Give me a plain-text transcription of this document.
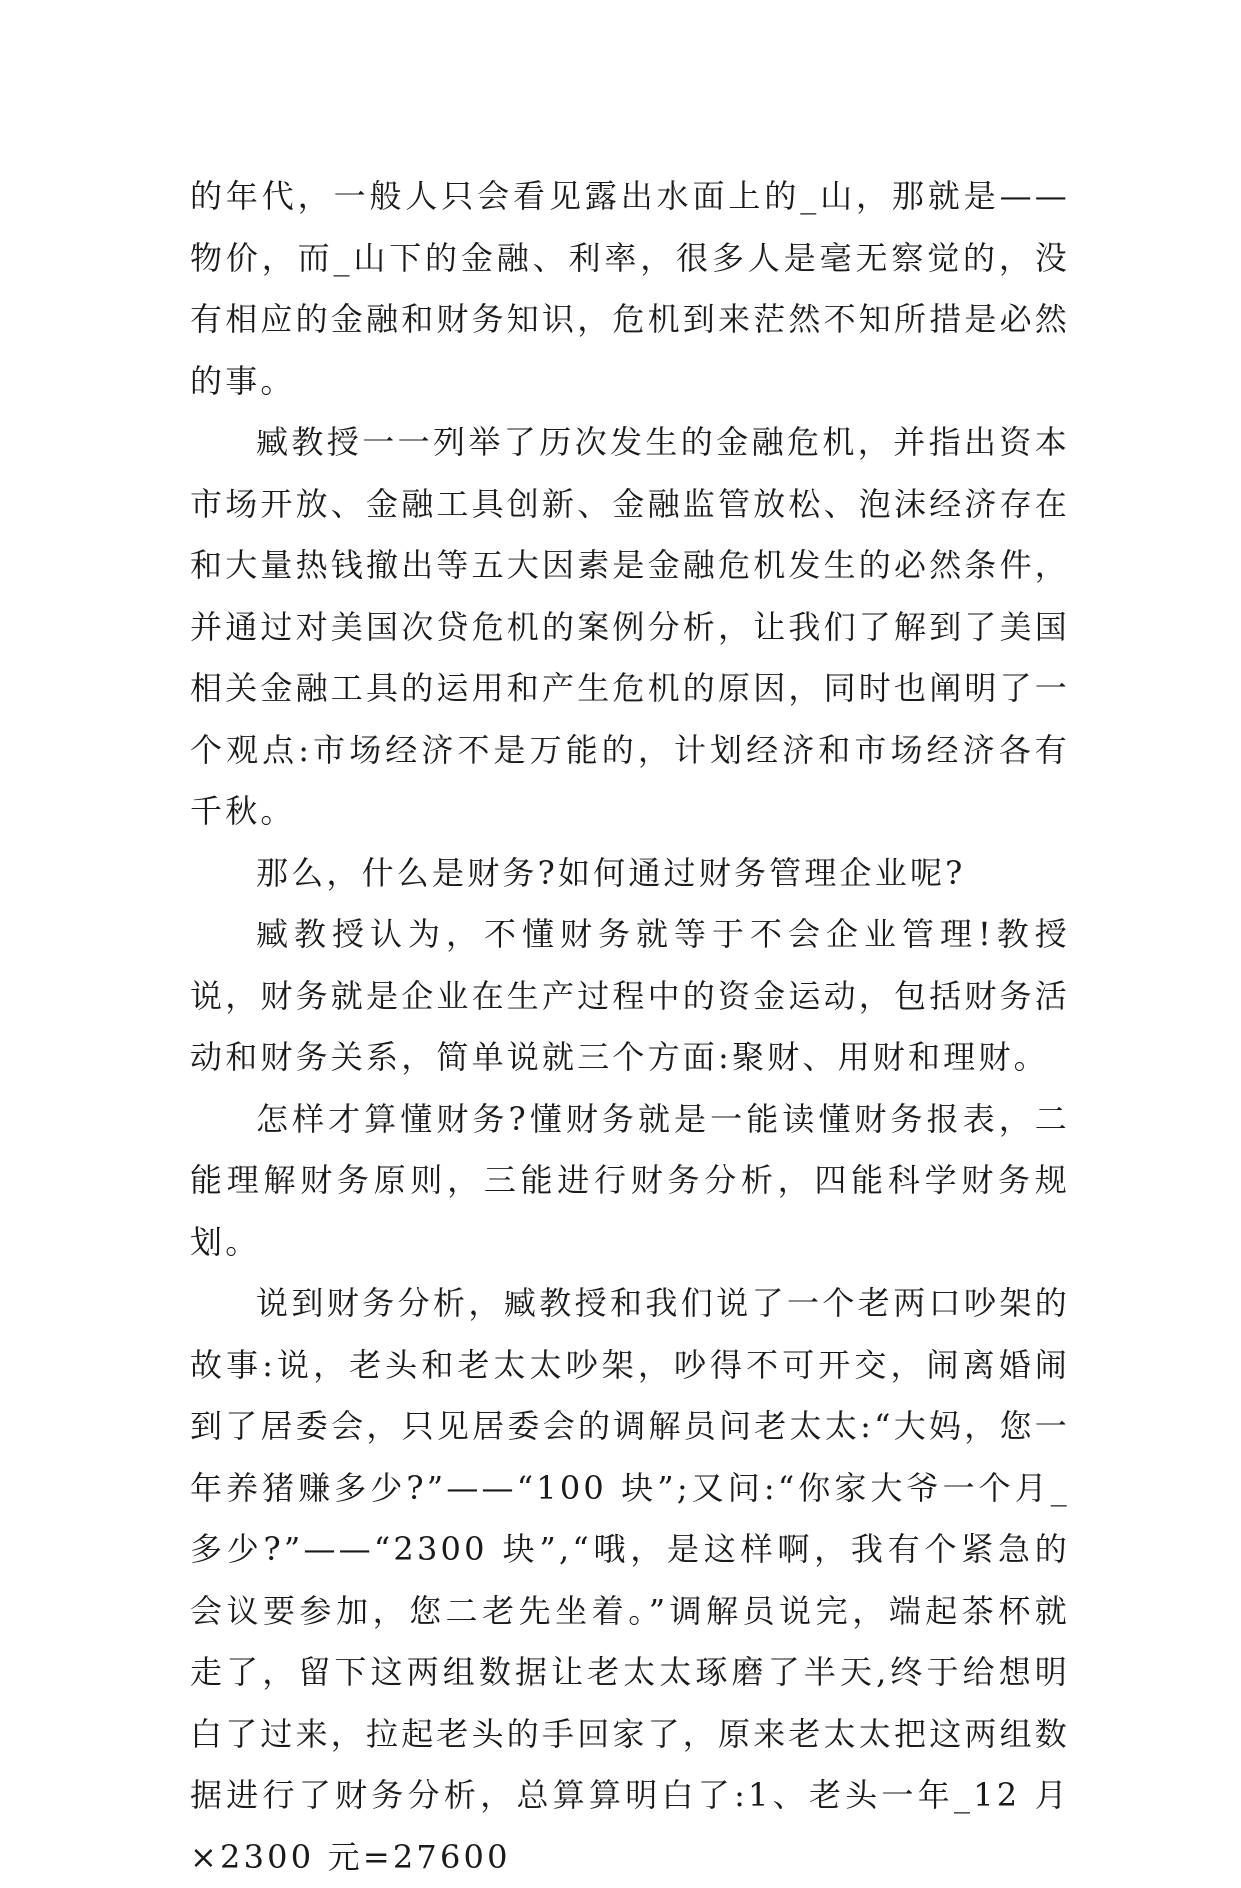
的年代，一般人只会看见露出水面上的_山，那就是——物价，而_山下的金融、利率，很多人是毫无察觉的，没有相应的金融和财务知识，危机到来茫然不知所措是必然的事。

臧教授一一列举了历次发生的金融危机，并指出资本市场开放、金融工具创新、金融监管放松、泡沫经济存在和大量热钱撤出等五大因素是金融危机发生的必然条件，并通过对美国次贷危机的案例分析，让我们了解到了美国相关金融工具的运用和产生危机的原因，同时也阐明了一个观点:市场经济不是万能的，计划经济和市场经济各有千秋。

那么，什么是财务?如何通过财务管理企业呢?

臧教授认为，不懂财务就等于不会企业管理!教授说，财务就是企业在生产过程中的资金运动，包括财务活动和财务关系，简单说就三个方面:聚财、用财和理财。

怎样才算懂财务?懂财务就是一能读懂财务报表，二能理解财务原则，三能进行财务分析，四能科学财务规划。

说到财务分析，臧教授和我们说了一个老两口吵架的故事:说，老头和老太太吵架，吵得不可开交，闹离婚闹到了居委会，只见居委会的调解员问老太太:“大妈，您一年养猪赚多少?”——“100 块”;又问:“你家大爷一个月_多少?”——“2300 块”,“哦，是这样啊，我有个紧急的会议要参加，您二老先坐着。”调解员说完，端起茶杯就走了，留下这两组数据让老太太琢磨了半天,终于给想明白了过来，拉起老头的手回家了，原来老太太把这两组数据进行了财务分析，总算算明白了:1、老头一年_12 月×2300 元=27600
